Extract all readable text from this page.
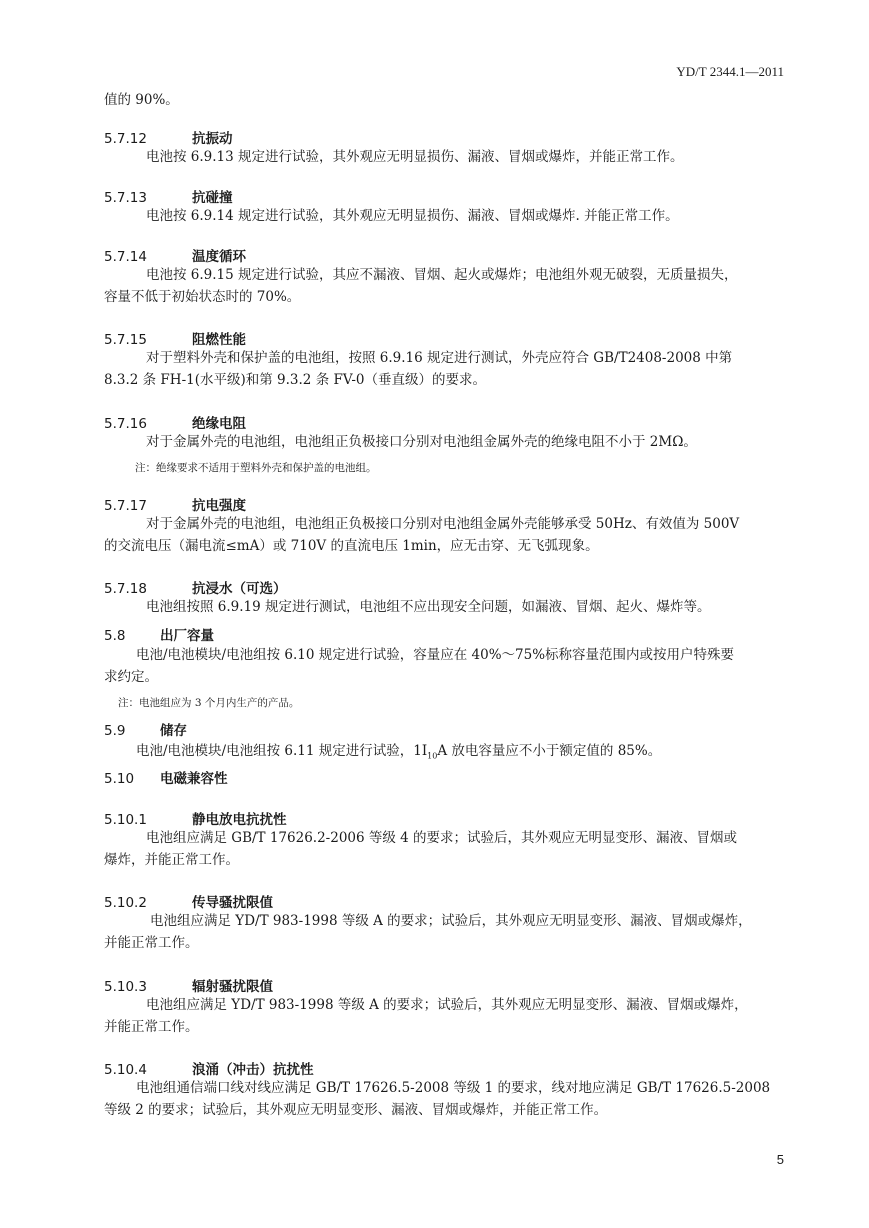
YD/T 2344.1—2011
值的 90%。
5.7.12	抗振动
电池按 6.9.13 规定进行试验，其外观应无明显损伤、漏液、冒烟或爆炸，并能正常工作。
5.7.13	抗碰撞
电池按 6.9.14 规定进行试验，其外观应无明显损伤、漏液、冒烟或爆炸. 并能正常工作。
5.7.14	温度循环
电池按 6.9.15 规定进行试验，其应不漏液、冒烟、起火或爆炸；电池组外观无破裂，无质量损失，
容量不低于初始状态时的 70%。
5.7.15	阻燃性能
对于塑料外壳和保护盖的电池组，按照 6.9.16 规定进行测试，外壳应符合 GB/T2408-2008 中第
8.3.2 条 FH-1(水平级)和第 9.3.2 条 FV-0（垂直级）的要求。
5.7.16	绝缘电阻
对于金属外壳的电池组，电池组正负极接口分别对电池组金属外壳的绝缘电阻不小于 2MΩ。
注：绝缘要求不适用于塑料外壳和保护盖的电池组。
5.7.17	抗电强度
对于金属外壳的电池组，电池组正负极接口分别对电池组金属外壳能够承受 50Hz、有效值为 500V
的交流电压（漏电流≤mA）或 710V 的直流电压 1min，应无击穿、无飞弧现象。
5.7.18	抗浸水（可选）
电池组按照 6.9.19 规定进行测试，电池组不应出现安全问题，如漏液、冒烟、起火、爆炸等。
5.8	出厂容量
电池/电池模块/电池组按 6.10 规定进行试验，容量应在 40%～75%标称容量范围内或按用户特殊要
求约定。
注：电池组应为 3 个月内生产的产品。
5.9	储存
电池/电池模块/电池组按 6.11 规定进行试验，$1I_{10}A$ 放电容量应不小于额定值的 85%。
5.10 电磁兼容性
5.10.1	静电放电抗扰性
电池组应满足 GB/T 17626.2-2006 等级 4 的要求；试验后，其外观应无明显变形、漏液、冒烟或
爆炸，并能正常工作。
5.10.2	传导骚扰限值
电池组应满足 YD/T 983-1998 等级 A 的要求；试验后，其外观应无明显变形、漏液、冒烟或爆炸，
并能正常工作。
5.10.3	辐射骚扰限值
电池组应满足 YD/T 983-1998 等级 A 的要求；试验后，其外观应无明显变形、漏液、冒烟或爆炸，
并能正常工作。
5.10.4	浪涌（冲击）抗扰性
电池组通信端口线对线应满足 GB/T 17626.5-2008 等级 1 的要求，线对地应满足 GB/T 17626.5-2008
等级 2 的要求；试验后，其外观应无明显变形、漏液、冒烟或爆炸，并能正常工作。
5
